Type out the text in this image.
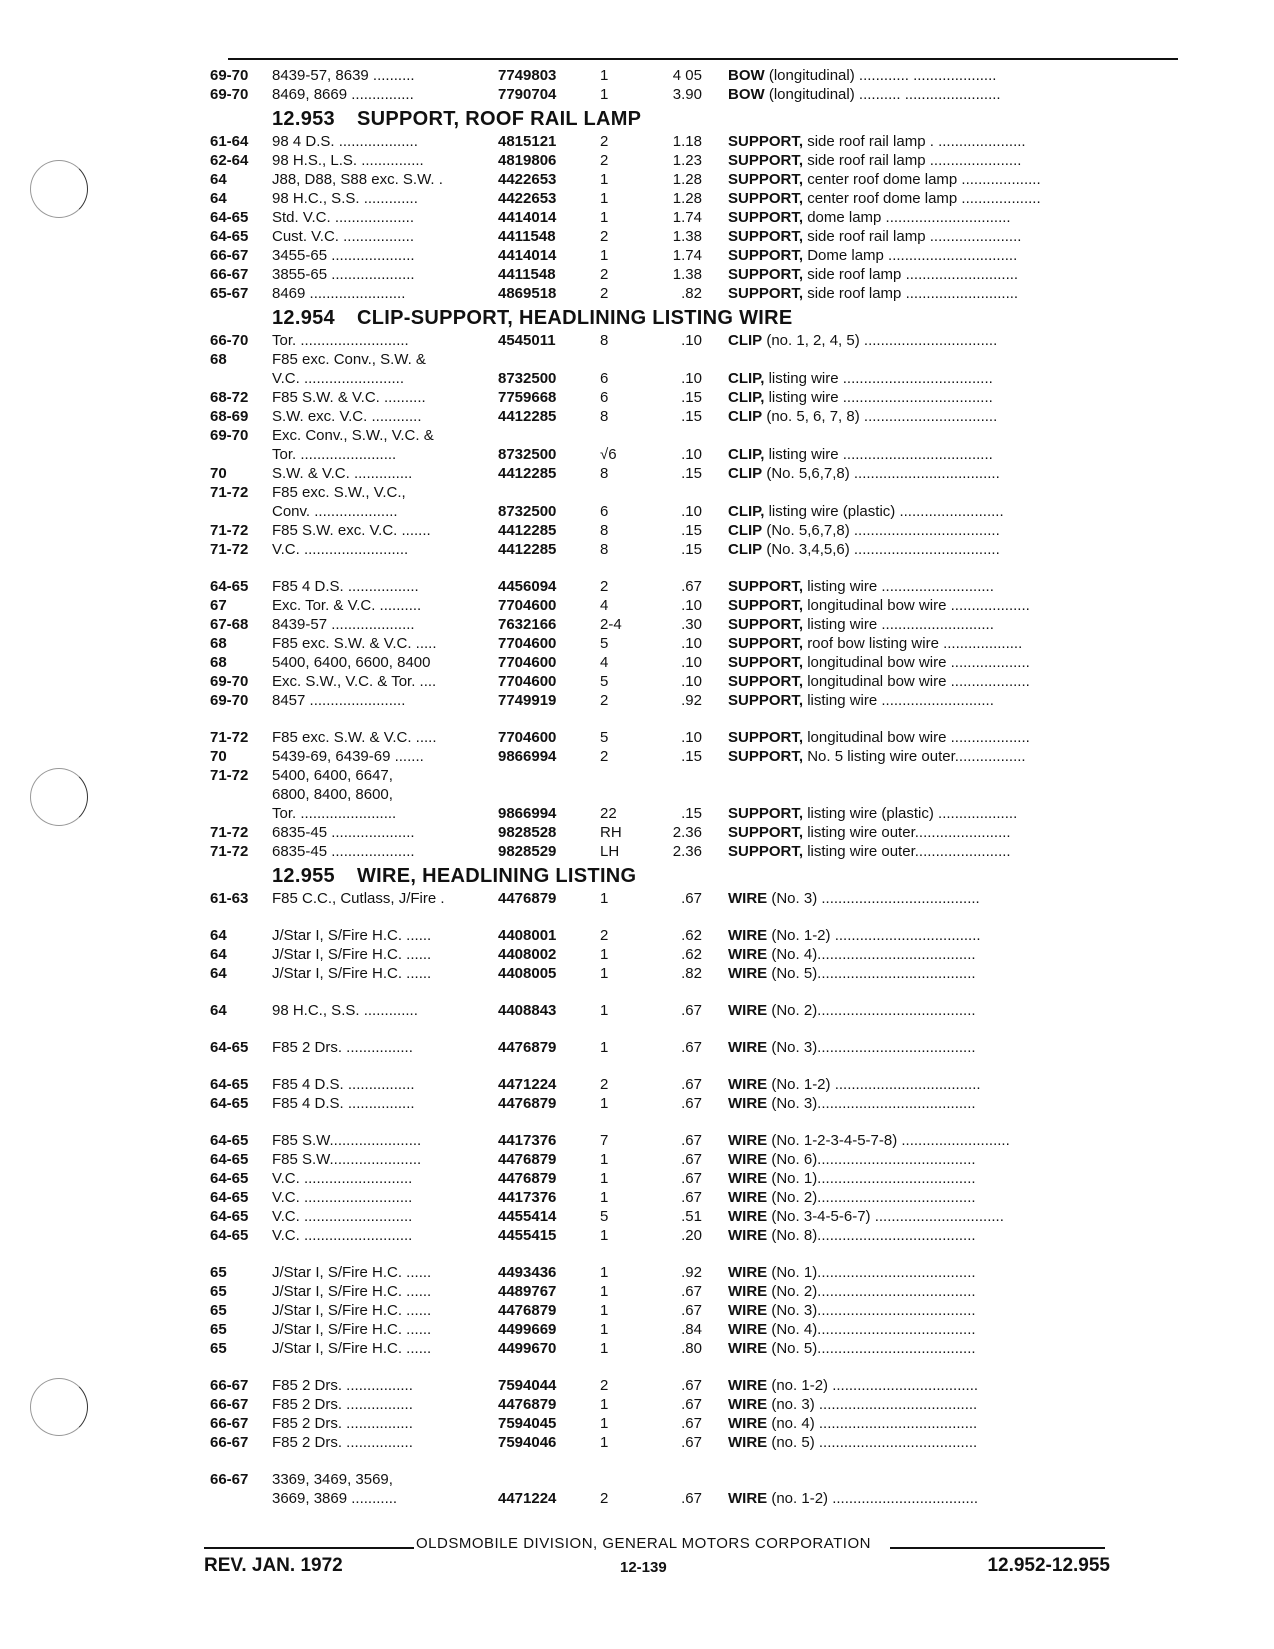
69-70	8439-57, 8639 ..........	7749803	1	4 05 BOW (longitudinal) ............ ....................
69-70	8469, 8669 ...............	7790704	1	3.90 BOW (longitudinal) .......... .......................
12.953 SUPPORT, ROOF RAIL LAMP
61-64	98 4 D.S. ...................	4815121	2	1.18 SUPPORT, side roof rail lamp . .....................
62-64	98 H.S., L.S. ...............	4819806	2	1.23 SUPPORT, side roof rail lamp ......................
64	J88, D88, S88 exc. S.W. .	4422653	1	1.28 SUPPORT, center roof dome lamp ...................
64	98 H.C., S.S. .............	4422653	1	1.28 SUPPORT, center roof dome lamp ...................
64-65	Std. V.C. ...................	4414014	1	1.74 SUPPORT, dome lamp ..............................
64-65	Cust. V.C. .................	4411548	2	1.38 SUPPORT, side roof rail lamp ......................
66-67	3455-65 ....................	4414014	1	1.74 SUPPORT, Dome lamp ...............................
66-67	3855-65 ....................	4411548	2	1.38 SUPPORT, side roof lamp ...........................
65-67	8469 .......................	4869518	2	.82 SUPPORT, side roof lamp ...........................
12.954 CLIP-SUPPORT, HEADLINING LISTING WIRE
66-70	Tor. ..........................	4545011	8	.10 CLIP (no. 1, 2, 4, 5) ................................
68	F85 exc. Conv., S.W. &
V.C. ........................	8732500	6	.10 CLIP, listing wire ....................................
68-72	F85 S.W. & V.C. ..........	7759668	6	.15 CLIP, listing wire ....................................
68-69	S.W. exc. V.C. ............	4412285	8	.15 CLIP (no. 5, 6, 7, 8) ................................
69-70	Exc. Conv., S.W., V.C. &
Tor. .......................	8732500	√6	.10 CLIP, listing wire ....................................
70	S.W. & V.C. ..............	4412285	8	.15 CLIP (No. 5,6,7,8) ...................................
71-72	F85 exc. S.W., V.C.,
Conv. ....................	8732500	6	.10 CLIP, listing wire (plastic) .........................
71-72	F85 S.W. exc. V.C. .......	4412285	8	.15 CLIP (No. 5,6,7,8) ...................................
71-72	V.C. .........................	4412285	8	.15 CLIP (No. 3,4,5,6) ...................................
64-65	F85 4 D.S. .................	4456094	2	.67 SUPPORT, listing wire ...........................
67	Exc. Tor. & V.C. ..........	7704600	4	.10 SUPPORT, longitudinal bow wire ...................
67-68	8439-57 ....................	7632166	2-4	.30 SUPPORT, listing wire ...........................
68	F85 exc. S.W. & V.C. .....	7704600	5	.10 SUPPORT, roof bow listing wire ...................
68	5400, 6400, 6600, 8400	7704600	4	.10 SUPPORT, longitudinal bow wire ...................
69-70	Exc. S.W., V.C. & Tor. ....	7704600	5	.10 SUPPORT, longitudinal bow wire ...................
69-70	8457 .......................	7749919	2	.92 SUPPORT, listing wire ...........................
71-72	F85 exc. S.W. & V.C. .....	7704600	5	.10 SUPPORT, longitudinal bow wire ...................
70	5439-69, 6439-69 .......	9866994	2	.15 SUPPORT, No. 5 listing wire outer.................
71-72	5400, 6400, 6647,
6800, 8400, 8600,
Tor. .......................	9866994	22	.15 SUPPORT, listing wire (plastic) ...................
71-72	6835-45 ....................	9828528	RH	2.36 SUPPORT, listing wire outer.......................
71-72	6835-45 ....................	9828529	LH	2.36 SUPPORT, listing wire outer.......................
12.955 WIRE, HEADLINING LISTING
61-63	F85 C.C., Cutlass, J/Fire .	4476879	1	.67 WIRE (No. 3) ......................................
64	J/Star I, S/Fire H.C. ......	4408001	2	.62 WIRE (No. 1-2) ...................................
64	J/Star I, S/Fire H.C. ......	4408002	1	.62 WIRE (No. 4)......................................
64	J/Star I, S/Fire H.C. ......	4408005	1	.82 WIRE (No. 5)......................................
64	98 H.C., S.S. .............	4408843	1	.67 WIRE (No. 2)......................................
64-65	F85 2 Drs. ................	4476879	1	.67 WIRE (No. 3)......................................
64-65	F85 4 D.S. ................	4471224	2	.67 WIRE (No. 1-2) ...................................
64-65	F85 4 D.S. ................	4476879	1	.67 WIRE (No. 3)......................................
64-65	F85 S.W......................	4417376	7	.67 WIRE (No. 1-2-3-4-5-7-8) ..........................
64-65	F85 S.W......................	4476879	1	.67 WIRE (No. 6)......................................
64-65	V.C. ..........................	4476879	1	.67 WIRE (No. 1)......................................
64-65	V.C. ..........................	4417376	1	.67 WIRE (No. 2)......................................
64-65	V.C. ..........................	4455414	5	.51 WIRE (No. 3-4-5-6-7) ...............................
64-65	V.C. ..........................	4455415	1	.20 WIRE (No. 8)......................................
65	J/Star I, S/Fire H.C. ......	4493436	1	.92 WIRE (No. 1)......................................
65	J/Star I, S/Fire H.C. ......	4489767	1	.67 WIRE (No. 2)......................................
65	J/Star I, S/Fire H.C. ......	4476879	1	.67 WIRE (No. 3)......................................
65	J/Star I, S/Fire H.C. ......	4499669	1	.84 WIRE (No. 4)......................................
65	J/Star I, S/Fire H.C. ......	4499670	1	.80 WIRE (No. 5)......................................
66-67	F85 2 Drs. ................	7594044	2	.67 WIRE (no. 1-2) ...................................
66-67	F85 2 Drs. ................	4476879	1	.67 WIRE (no. 3) ......................................
66-67	F85 2 Drs. ................	7594045	1	.67 WIRE (no. 4) ......................................
66-67	F85 2 Drs. ................	7594046	1	.67 WIRE (no. 5) ......................................
66-67	3369, 3469, 3569,
3669, 3869 ...........	4471224	2	.67 WIRE (no. 1-2) ...................................
OLDSMOBILE DIVISION, GENERAL MOTORS CORPORATION
REV. JAN. 1972	12-139	12.952-12.955
